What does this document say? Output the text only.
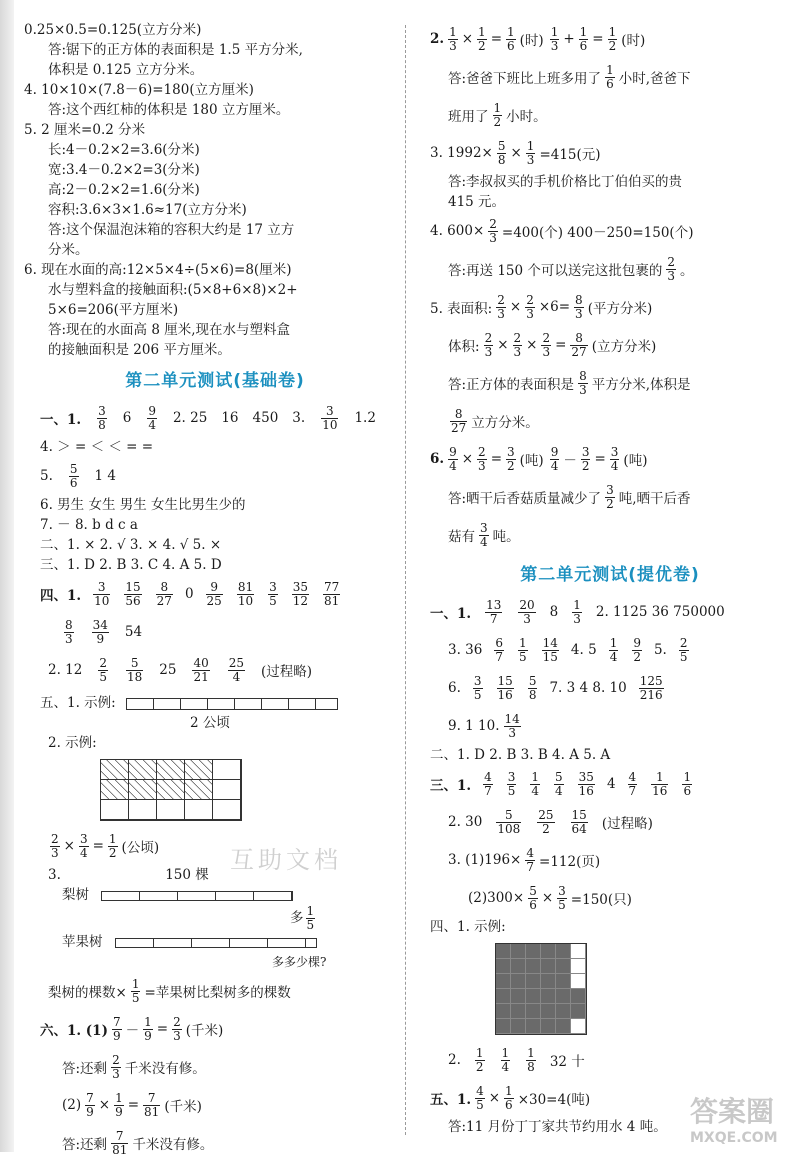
0.25×0.5=0.125(立方分米)
答:锯下的正方体的表面积是 1.5 平方分米,
体积是 0.125 立方分米。
4. 10×10×(7.8－6)=180(立方厘米)
答:这个西红柿的体积是 180 立方厘米。
5. 2 厘米=0.2 分米
长:4－0.2×2=3.6(分米)
宽:3.4－0.2×2=3(分米)
高:2－0.2×2=1.6(分米)
容积:3.6×3×1.6≈17(立方分米)
答:这个保温泡沫箱的容积大约是 17 立方
分米。
6. 现在水面的高:12×5×4÷(5×6)=8(厘米)
水与塑料盒的接触面积:(5×8+6×8)×2+
5×6=206(平方厘米)
答:现在的水面高 8 厘米,现在水与塑料盒
的接触面积是 206 平方厘米。
第二单元测试(基础卷)
一、1. $\frac{3}{8} 6 \frac{9}{4} 2$. 25 16 450 3. $\frac{3}{10} 1.2$
4. ＞ = ＜ ＜ = =
5. $\frac{5}{6} 1$ 4
6. 男生 女生 男生 女生比男生少的
7. － 8. b d c a
二、1. × 2. √ 3. × 4. √ 5. ×
三、1. D 2. B 3. C 4. A 5. D
四、1. $\frac{3}{10} \frac{15}{56} \frac{8}{27} 0 \frac{9}{25} \frac{81}{10} \frac{3}{5} \frac{35}{12} \frac{77}{81}$
$\frac{8}{3} \frac{34}{9} 54$
2. $12 \frac{2}{5} \frac{5}{18} 25 \frac{40}{21} \frac{25}{4}$ (过程略)
五、1. 示例:
2 公顷
2. 示例:
$\frac{2}{3} \times \frac{3}{4} = \frac{1}{2}$ (公顷)
3.	150 棵
梨树
多 $\frac{1}{5}$
苹果树
多多少棵?
梨树的棵数× $\frac{1}{5}$ =苹果树比梨树多的棵数
六、1. $(1) \frac{7}{9} - \frac{1}{9} = \frac{2}{3}$ (千米)
答:还剩 $\frac{2}{3}$ 千米没有修。
$(2) \frac{7}{9} \times \frac{1}{9} = \frac{7}{81}$ (千米)
答:还剩 $\frac{7}{81}$ 千米没有修。
2. $\frac{1}{3} \times \frac{1}{2} = \frac{1}{6}$ (时) $\frac{1}{3} + \frac{1}{6} = \frac{1}{2}$ (时)
答:爸爸下班比上班多用了 $\frac{1}{6}$ 小时,爸爸下
班用了 $\frac{1}{2}$ 小时。
3. $1992\times \frac{5}{8} \times \frac{1}{3} =415$(元)
答:李叔叔买的手机价格比丁伯伯买的贵
415 元。
4. $600\times \frac{2}{3} =400$(个) 400－250=150(个)
答:再送 150 个可以送完这批包裹的 $\frac{2}{3}$ 。
5. 表面积: $\frac{2}{3} \times \frac{2}{3} \times 6= \frac{8}{3}$ (平方分米)
体积: $\frac{2}{3} \times \frac{2}{3} \times \frac{2}{3} = \frac{8}{27}$ (立方分米)
答:正方体的表面积是 $\frac{8}{3}$ 平方分米,体积是
$\frac{8}{27}$ 立方分米。
6. $\frac{9}{4} \times \frac{2}{3} = \frac{3}{2}$ (吨) $\frac{9}{4} - \frac{3}{2} = \frac{3}{4}$ (吨)
答:晒干后香菇质量减少了 $\frac{3}{2}$ 吨,晒干后香
菇有 $\frac{3}{4}$ 吨。
第二单元测试(提优卷)
一、1. $\frac{13}{7} \frac{20}{3} 8 \frac{1}{3} 2$. 1125 36 750000
3. $36 \frac{6}{7} \frac{1}{5} \frac{14}{15} 4$. $5 \frac{1}{4} \frac{9}{2} 5$. $\frac{2}{5}$
6. $\frac{3}{5} \frac{15}{16} \frac{5}{8} 7$. 3 4 8. $10 \frac{125}{216}$
9. 1 10. $\frac{14}{3}$
二、1. D 2. B 3. B 4. A 5. A
三、1. $\frac{4}{7} \frac{3}{5} \frac{1}{4} \frac{5}{4} \frac{35}{16} 4 \frac{4}{7} \frac{1}{16} \frac{1}{6}$
2. $30 \frac{5}{108} \frac{25}{2} \frac{15}{64}$ (过程略)
3. $(1)196\times \frac{4}{7} =112$(页)
$(2)300\times \frac{5}{6} \times \frac{3}{5} =150$(只)
四、1. 示例:
2. $\frac{1}{2} \frac{1}{4} \frac{1}{8} 32$ 十
五、1. $\frac{4}{5} \times \frac{1}{6} \times 30=4$(吨)
答:11 月份丁丁家共节约用水 4 吨。
互助文档
答案圈
MXQE.COM
